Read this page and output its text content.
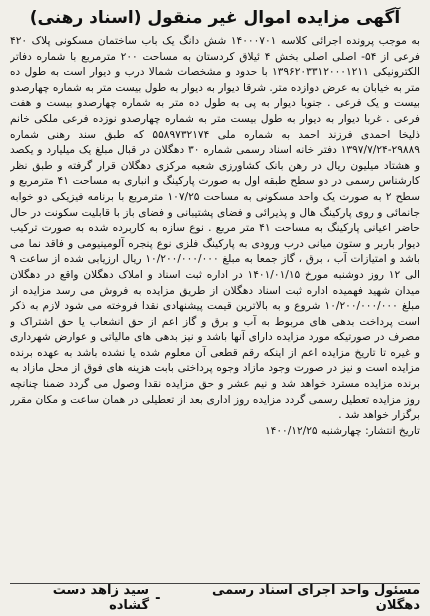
آگهی مزایده اموال غیر منقول (اسناد رهنی)

به موجب پرونده اجرائی کلاسه ۱۴۰۰۰۷۰۱ شش دانگ یک باب ساختمان مسکونی پلاک ۴۲۰ فرعی از ۵۴- اصلی اصلی بخش ۴ ئیلاق کردستان به مساحت ۲۰۰ مترمربع با شماره دفاتر الکترونیکی ۱۳۹۶۲۰۳۳۱۲۰۰۰۱۲۱۱ با حدود و مشخصات شمالا درب و دیوار است به طول ده متر به خیابان به عرض دوازده متر. شرقا دیوار به دیوار به طول بیست متر به شماره چهارصدو بیست و یک فرعی . جنوبا دیوار به پی به طول ده متر به شماره چهارصدو بیست و هفت فرعی . غربا دیوار به دیوار به طول بیست متر به شماره چهارصدو نوزده فرعی ملکی خانم ذلیخا احمدی فرزند احمد به شماره ملی ۵۵۸۹۷۳۲۱۷۴ که طبق سند رهنی شماره ۲۹۸۸۹-۱۳۹۷/۷/۲۴ دفتر خانه اسناد رسمی شماره ۳۰ دهگلان در قبال مبلغ یک میلیارد و یکصد و هشتاد میلیون ریال در رهن بانک کشاورزی شعبه مرکزی دهگلان قرار گرفته و طبق نظر کارشناس رسمی در دو سطح طبقه اول به صورت پارکینگ و انباری به مساحت ۴۱ مترمربع و سطح ۲ به صورت یک واحد مسکونی به مساحت ۱۰۷/۲۵ مترمربع با برنامه فیزیکی دو خوابه جانمائی و روی پارکینگ هال و پذیرائی و فضای پشتیبانی و فضای باز با قابلیت سکونت در حال حاضر اعیانی پارکینگ به مساحت ۴۱ متر مربع . نوع سازه به کاربرده شده به صورت ترکیب دیوار باربر و ستون میانی درب ورودی به پارکینگ فلزی نوع پنجره آلومینیومی و فاقد نما می باشد و امتیازات آب ، برق ، گاز جمعا به مبلغ ۱۰/۲۰۰/۰۰۰/۰۰۰ ریال ارزیابی شده از ساعت ۹ الی ۱۲ روز دوشنبه مورخ ۱۴۰۱/۰۱/۱۵ در اداره ثبت اسناد و املاک دهگلان واقع در دهگلان میدان شهید فهمیده اداره ثبت اسناد دهگلان از طریق مزایده به فروش می رسد مزایده از مبلغ ۱۰/۲۰۰/۰۰۰/۰۰۰ شروع و به بالاترین قیمت پیشنهادی نقدا فروخته می شود لازم به ذکر است پرداخت بدهی های مربوط به آب و برق و گاز اعم از حق انشعاب یا حق اشتراک و مصرف در صورتیکه مورد مزایده دارای آنها باشد و نیز بدهی های مالیاتی و عوارض شهرداری و غیره تا تاریخ مزایده اعم از اینکه رقم قطعی آن معلوم شده یا نشده باشد به عهده برنده مزایده است و نیز در صورت وجود مازاد وجوه پرداختی بابت هزینه های فوق از محل مازاد به برنده مزایده مسترد خواهد شد و نیم عشر و حق مزایده نقدا وصول می گردد ضمنا چنانچه روز مزایده تعطیل رسمی گردد مزایده روز اداری بعد از تعطیلی در همان ساعت و مکان مقرر برگزار خواهد شد .
تاریخ انتشار: چهارشنبه ۱۴۰۰/۱۲/۲۵

مسئول واحد اجرای اسناد رسمی دهگلان
-
سید زاهد دست گشاده
